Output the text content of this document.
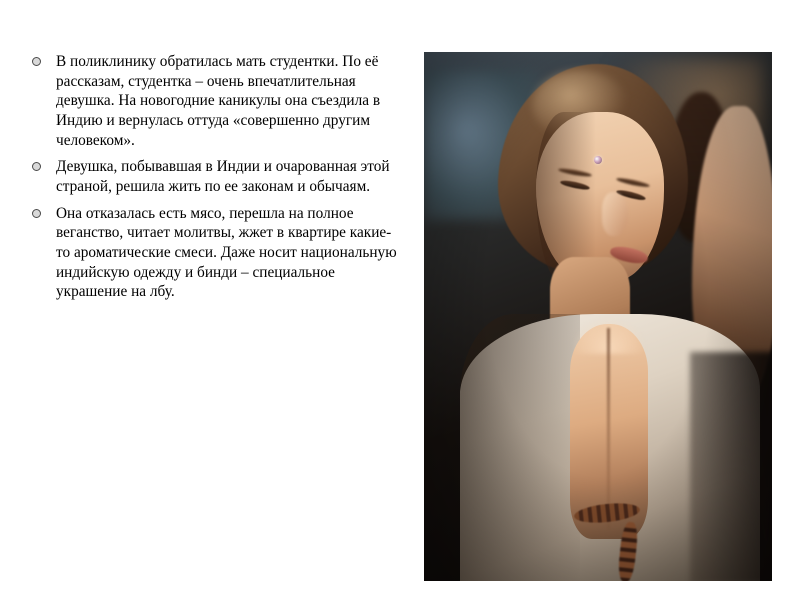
В поликлинику обратилась мать студентки. По её рассказам, студентка – очень впечатлительная девушка. На новогодние каникулы она съездила в Индию и вернулась оттуда «совершенно другим человеком».
Девушка, побывавшая в Индии и очарованная этой страной, решила жить по ее законам и обычаям.
Она отказалась есть мясо, перешла на полное веганство, читает молитвы, жжет в квартире какие-то ароматические смеси. Даже носит национальную индийскую одежду и бинди – специальное украшение на лбу.
